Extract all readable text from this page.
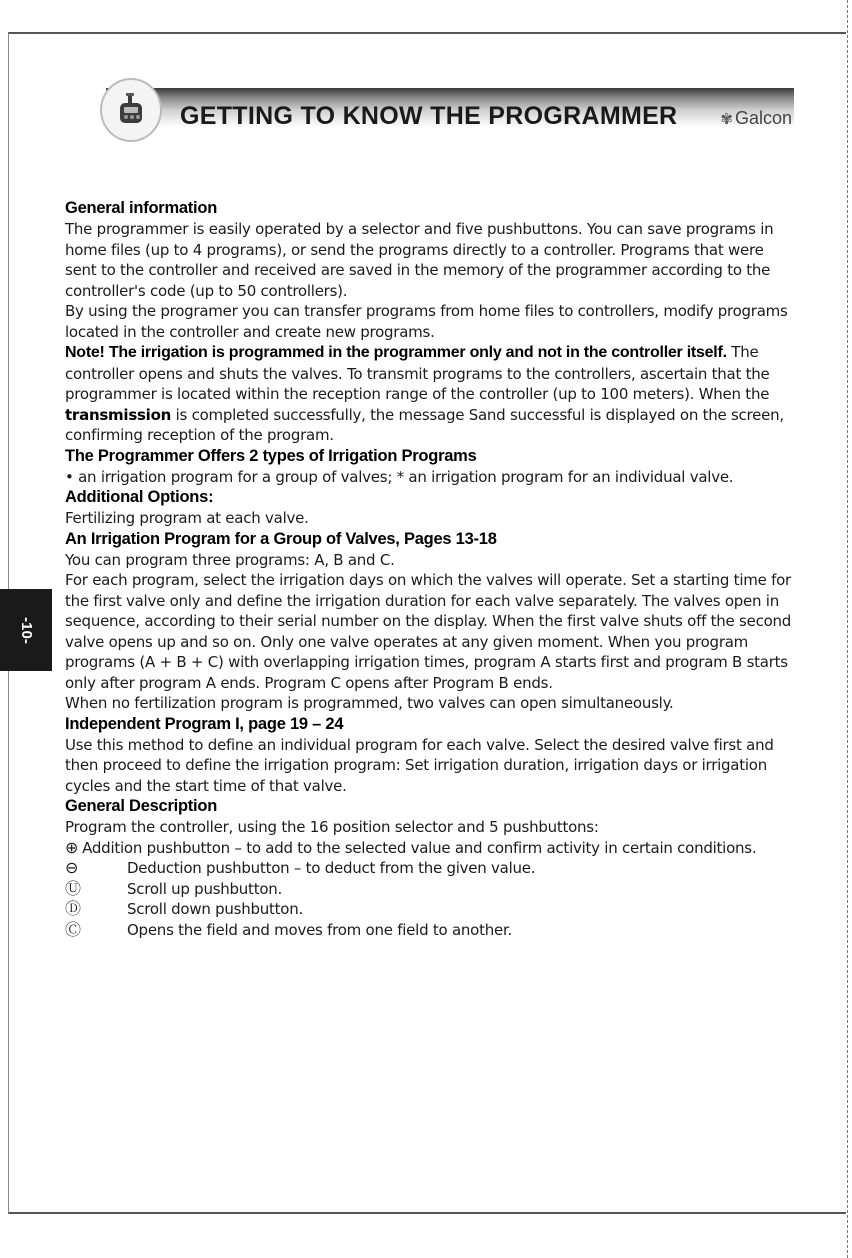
GETTING TO KNOW THE PROGRAMMER	✾ Galcon
-10-

General information

The programmer is easily operated by a selector and five pushbuttons. You can save programs in home files (up to 4 programs), or send the programs directly to a controller. Programs that were sent to the controller and received are saved in the memory of the programmer according to the controller's code (up to 50 controllers).

By using the programer you can transfer programs from home files to controllers, modify programs located in the controller and create new programs.

Note! The irrigation is programmed in the programmer only and not in the controller itself. The controller opens and shuts the valves. To transmit programs to the controllers, ascertain that the programmer is located within the reception range of the controller (up to 100 meters). When the transmission is completed successfully, the message Sand successful is displayed on the screen, confirming reception of the program.

The Programmer Offers 2 types of Irrigation Programs

• an irrigation program for a group of valves; * an irrigation program for an individual valve.

Additional Options:

Fertilizing program at each valve.

An Irrigation Program for a Group of Valves, Pages 13-18

You can program three programs: A, B and C.

For each program, select the irrigation days on which the valves will operate. Set a starting time for the first valve only and define the irrigation duration for each valve separately. The valves open in sequence, according to their serial number on the display. When the first valve shuts off the second valve opens up and so on. Only one valve operates at any given moment. When you program programs (A + B + C) with overlapping irrigation times, program A starts first and program B starts only after program A ends. Program C opens after Program B ends.

When no fertilization program is programmed, two valves can open simultaneously.

Independent Program I, page 19 – 24

Use this method to define an individual program for each valve. Select the desired valve first and then proceed to define the irrigation program: Set irrigation duration, irrigation days or irrigation cycles and the start time of that valve.

General Description

Program the controller, using the 16 position selector and 5 pushbuttons:

⊕ Addition pushbutton – to add to the selected value and confirm activity in certain conditions.
⊖	Deduction pushbutton – to deduct from the given value.
Ⓤ	Scroll up pushbutton.
Ⓓ	Scroll down pushbutton.
Ⓒ	Opens the field and moves from one field to another.
